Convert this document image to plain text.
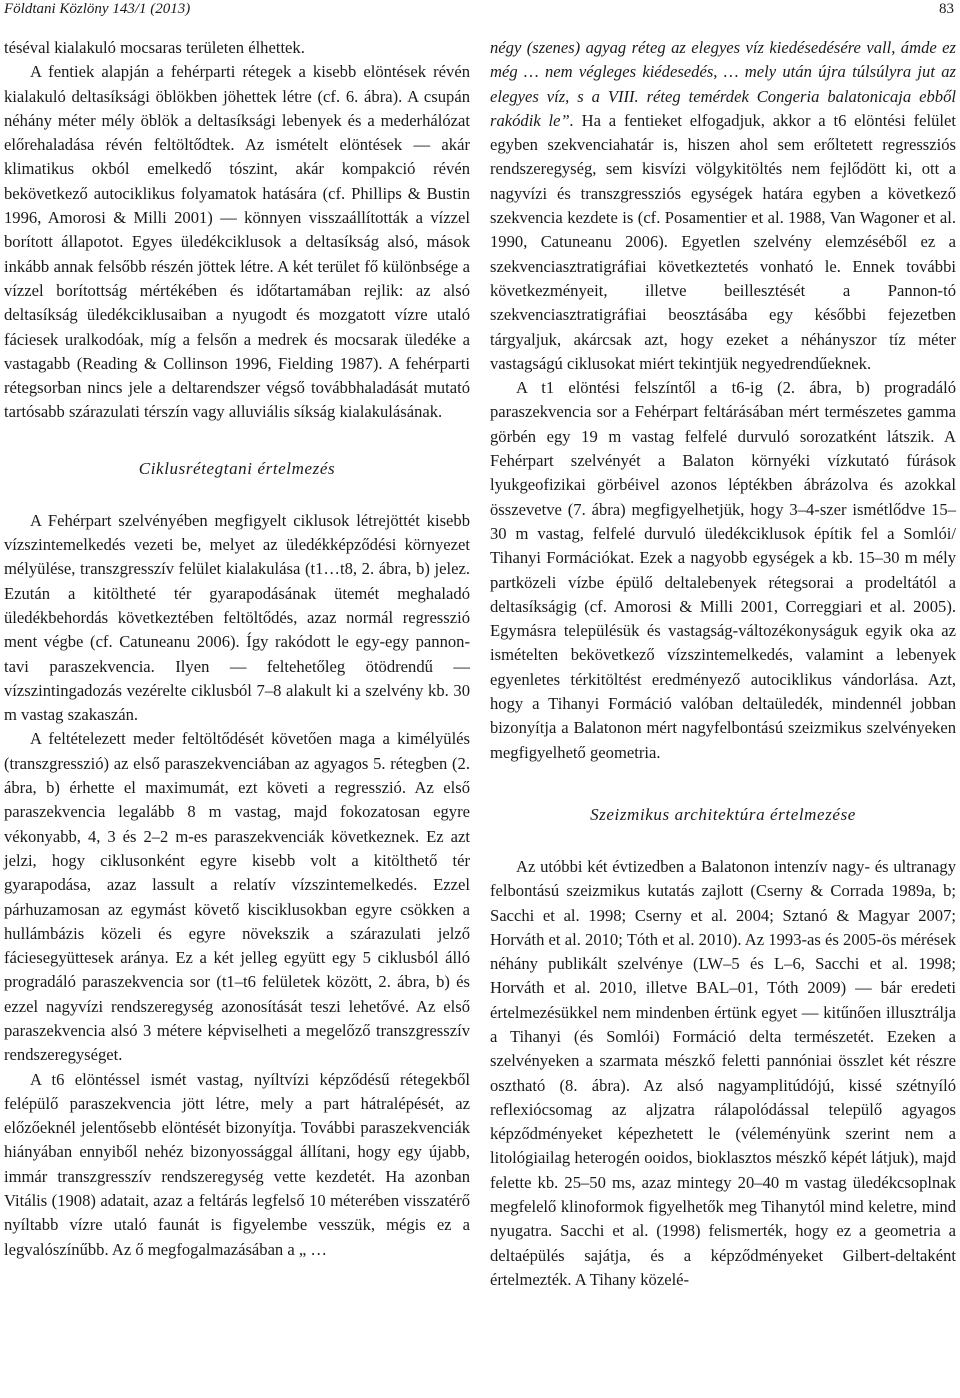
Földtani Közlöny 143/1 (2013)	83

téséval kialakuló mocsaras területen élhettek.

A fentiek alapján a fehérparti rétegek a kisebb elöntések révén kialakuló deltasíksági öblökben jöhettek létre (cf. 6. ábra). A csupán néhány méter mély öblök a deltasíksági lebenyek és a mederhálózat előrehaladása révén feltöltődtek. Az ismételt elöntések — akár klimatikus okból emelkedő tószint, akár kompakció révén bekövetkező autociklikus folyamatok hatására (cf. Phillips & Bustin 1996, Amorosi & Milli 2001) — könnyen visszaállították a vízzel borított állapotot. Egyes üledékciklusok a deltasíkság alsó, mások inkább annak felsőbb részén jöttek létre. A két terület fő különbsége a vízzel borítottság mértékében és időtartamában rejlik: az alsó deltasíkság üledékciklusaiban a nyugodt és mozgatott vízre utaló fáciesek uralkodóak, míg a felsőn a medrek és mocsarak üledéke a vastagabb (Reading & Collinson 1996, Fielding 1987). A fehérparti rétegsorban nincs jele a deltarendszer végső továbbhaladását mutató tartósabb szárazulati térszín vagy alluviális síkság kialakulásának.

Ciklusrétegtani értelmezés

A Fehérpart szelvényében megfigyelt ciklusok létrejöttét kisebb vízszintemelkedés vezeti be, melyet az üledékképződési környezet mélyülése, transzgresszív felület kialakulása (t1…t8, 2. ábra, b) jelez. Ezután a kitöltheté tér gyarapodásának ütemét meghaladó üledékbehordás következtében feltöltődés, azaz normál regresszió ment végbe (cf. Catuneanu 2006). Így rakódott le egy-egy pannon-tavi paraszekvencia. Ilyen — feltehetőleg ötödrendű — vízszintingadozás vezérelte ciklusból 7–8 alakult ki a szelvény kb. 30 m vastag szakaszán.

A feltételezett meder feltöltődését követően maga a kimélyülés (transzgresszió) az első paraszekvenciában az agyagos 5. rétegben (2. ábra, b) érhette el maximumát, ezt követi a regresszió. Az első paraszekvencia legalább 8 m vastag, majd fokozatosan egyre vékonyabb, 4, 3 és 2–2 m-es paraszekvenciák következnek. Ez azt jelzi, hogy ciklusonként egyre kisebb volt a kitölthető tér gyarapodása, azaz lassult a relatív vízszintemelkedés. Ezzel párhuzamosan az egymást követő kisciklusokban egyre csökken a hullámbázis közeli és egyre növekszik a szárazulati jelző fáciesegyüttesek aránya. Ez a két jelleg együtt egy 5 ciklusból álló progradáló paraszekvencia sor (t1–t6 felületek között, 2. ábra, b) és ezzel nagyvízi rendszeregység azonosítását teszi lehetővé. Az első paraszekvencia alsó 3 métere képviselheti a megelőző transzgresszív rendszeregységet.

A t6 elöntéssel ismét vastag, nyíltvízi képződésű rétegekből felépülő paraszekvencia jött létre, mely a part hátralépését, az előzőeknél jelentősebb elöntését bizonyítja. További paraszekvenciák hiányában ennyiből nehéz bizonyossággal állítani, hogy egy újabb, immár transzgresszív rendszeregység vette kezdetét. Ha azonban Vitális (1908) adatait, azaz a feltárás legfelső 10 méterében visszatérő nyíltabb vízre utaló faunát is figyelembe vesszük, mégis ez a legvalószínűbb. Az ő megfogalmazásában a „ …

négy (szenes) agyag réteg az elegyes víz kiedésedésére vall, ámde ez még … nem végleges kiédesedés, … mely után újra túlsúlyra jut az elegyes víz, s a VIII. réteg temérdek Congeria balatonicaja ebből rakódik le”. Ha a fentieket elfogadjuk, akkor a t6 elöntési felület egyben szekvenciahatár is, hiszen ahol sem erőltetett regressziós rendszeregység, sem kisvízi völgykitöltés nem fejlődött ki, ott a nagyvízi és transzgressziós egységek határa egyben a következő szekvencia kezdete is (cf. Posamentier et al. 1988, Van Wagoner et al. 1990, Catuneanu 2006). Egyetlen szelvény elemzéséből ez a szekvenciasztratigráfiai következtetés vonható le. Ennek további következményeit, illetve beillesztését a Pannon-tó szekvenciasztratigráfiai beosztásába egy későbbi fejezetben tárgyaljuk, akárcsak azt, hogy ezeket a néhányszor tíz méter vastagságú ciklusokat miért tekintjük negyedrendűeknek.

A t1 elöntési felszíntől a t6-ig (2. ábra, b) progradáló paraszekvencia sor a Fehérpart feltárásában mért természetes gamma görbén egy 19 m vastag felfelé durvuló sorozatként látszik. A Fehérpart szelvényét a Balaton környéki vízkutató fúrások lyukgeofizikai görbéivel azonos léptékben ábrázolva és azokkal összevetve (7. ábra) megfigyelhetjük, hogy 3–4-szer ismétlődve 15–30 m vastag, felfelé durvuló üledékciklusok építik fel a Somlói/ Tihanyi Formációkat. Ezek a nagyobb egységek a kb. 15–30 m mély partközeli vízbe épülő deltalebenyek rétegsorai a prodeltától a deltasíkságig (cf. Amorosi & Milli 2001, Correggiari et al. 2005). Egymásra településük és vastagság-változékonyságuk egyik oka az ismételten bekövetkező vízszintemelkedés, valamint a lebenyek egyenletes térkitöltést eredményező autociklikus vándorlása. Azt, hogy a Tihanyi Formáció valóban deltaüledék, mindennél jobban bizonyítja a Balatonon mért nagyfelbontású szeizmikus szelvényeken megfigyelhető geometria.

Szeizmikus architektúra értelmezése

Az utóbbi két évtizedben a Balatonon intenzív nagy- és ultranagy felbontású szeizmikus kutatás zajlott (Cserny & Corrada 1989a, b; Sacchi et al. 1998; Cserny et al. 2004; Sztanó & Magyar 2007; Horváth et al. 2010; Tóth et al. 2010). Az 1993-as és 2005-ös mérések néhány publikált szelvénye (LW–5 és L–6, Sacchi et al. 1998; Horváth et al. 2010, illetve BAL–01, Tóth 2009) — bár eredeti értelmezésükkel nem mindenben értünk egyet — kitűnően illusztrálja a Tihanyi (és Somlói) Formáció delta természetét. Ezeken a szelvényeken a szarmata mészkő feletti pannóniai összlet két részre osztható (8. ábra). Az alsó nagyamplitúdójú, kissé szétnyíló reflexiócsomag az aljzatra rálapolódással települő agyagos képződményeket képezhetett le (véleményünk szerint nem a litológiailag heterogén ooidos, bioklasztos mészkő képét látjuk), majd felette kb. 25–50 ms, azaz mintegy 20–40 m vastag üledékcsoplnak megfelelő klinoformok figyelhetők meg Tihanytól mind keletre, mind nyugatra. Sacchi et al. (1998) felismerték, hogy ez a geometria a deltaépülés sajátja, és a képződményeket Gilbert-deltaként értelmezték. A Tihany közelé-
